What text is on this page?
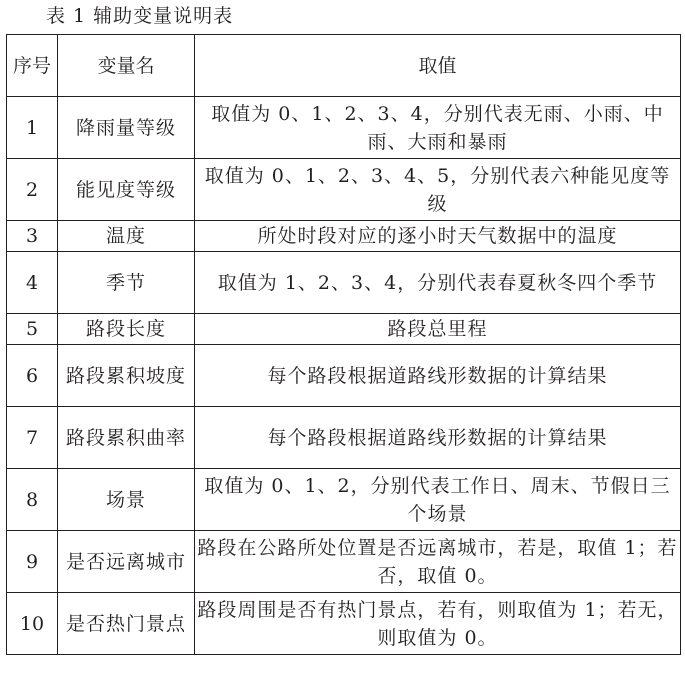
表 1 辅助变量说明表
序号	变量名	取值
1	降雨量等级	取值为 0、1、2、3、4，分别代表无雨、小雨、中雨、大雨和暴雨
2	能见度等级	取值为 0、1、2、3、4、5，分别代表六种能见度等级
3	温度	所处时段对应的逐小时天气数据中的温度
4	季节	取值为 1、2、3、4，分别代表春夏秋冬四个季节
5	路段长度	路段总里程
6	路段累积坡度	每个路段根据道路线形数据的计算结果
7	路段累积曲率	每个路段根据道路线形数据的计算结果
8	场景	取值为 0、1、2，分别代表工作日、周末、节假日三个场景
9	是否远离城市	路段在公路所处位置是否远离城市，若是，取值 1；若否，取值 0。
10	是否热门景点	路段周围是否有热门景点，若有，则取值为 1；若无，则取值为 0。
